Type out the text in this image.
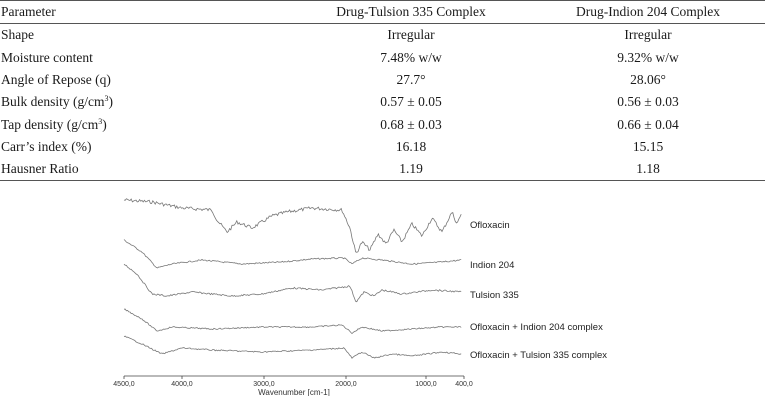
Parameter	Drug-Tulsion 335 Complex	Drug-Indion 204 Complex
Shape	Irregular	Irregular
Moisture content	7.48% w/w	9.32% w/w
Angle of Repose (q)	27.7°	28.06°
Bulk density $(g/cm^3)$	0.57 ± 0.05	0.56 ± 0.03
Tap density $(g/cm^3)$	0.68 ± 0.03	0.66 ± 0.04
Carr’s index (%)	16.18	15.15
Hausner Ratio	1.19	1.18
Ofloxacin
Indion 204
Tulsion 335
Ofloxacin + Indion 204 complex
Ofloxacin + Tulsion 335 complex
4500,0	4000,0	3000,0	2000,0	1000,0	400,0
Wavenumber [cm-1]
